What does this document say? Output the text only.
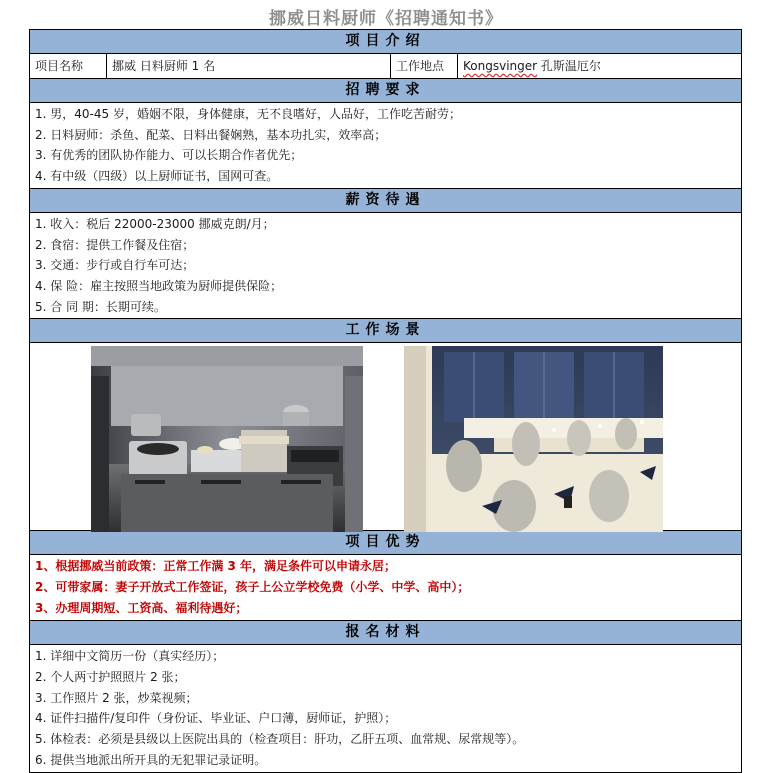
挪威日料厨师《招聘通知书》
项目介绍
项目名称	挪威 日料厨师 1 名	工作地点	Kongsvinger 孔斯温厄尔
招聘要求
1. 男，40-45 岁，婚姻不限，身体健康，无不良嗜好，人品好，工作吃苦耐劳；
2. 日料厨师：杀鱼、配菜、日料出餐娴熟，基本功扎实，效率高；
3. 有优秀的团队协作能力、可以长期合作者优先；
4. 有中级（四级）以上厨师证书，国网可查。
薪资待遇
1. 收入：税后 22000-23000 挪威克朗/月；
2. 食宿：提供工作餐及住宿；
3. 交通：步行或自行车可达；
4. 保 险：雇主按照当地政策为厨师提供保险；
5. 合 同 期：长期可续。
工作场景
项目优势
1、根据挪威当前政策：正常工作满 3 年，满足条件可以申请永居；
2、可带家属：妻子开放式工作签证，孩子上公立学校免费（小学、中学、高中）；
3、办理周期短、工资高、福利待遇好；
报名材料
1. 详细中文简历一份（真实经历）；
2. 个人两寸护照照片 2 张；
3. 工作照片 2 张，炒菜视频；
4. 证件扫描件/复印件（身份证、毕业证、户口薄，厨师证，护照）；
5. 体检表：必须是县级以上医院出具的（检查项目：肝功，乙肝五项、血常规、尿常规等）。
6. 提供当地派出所开具的无犯罪记录证明。
